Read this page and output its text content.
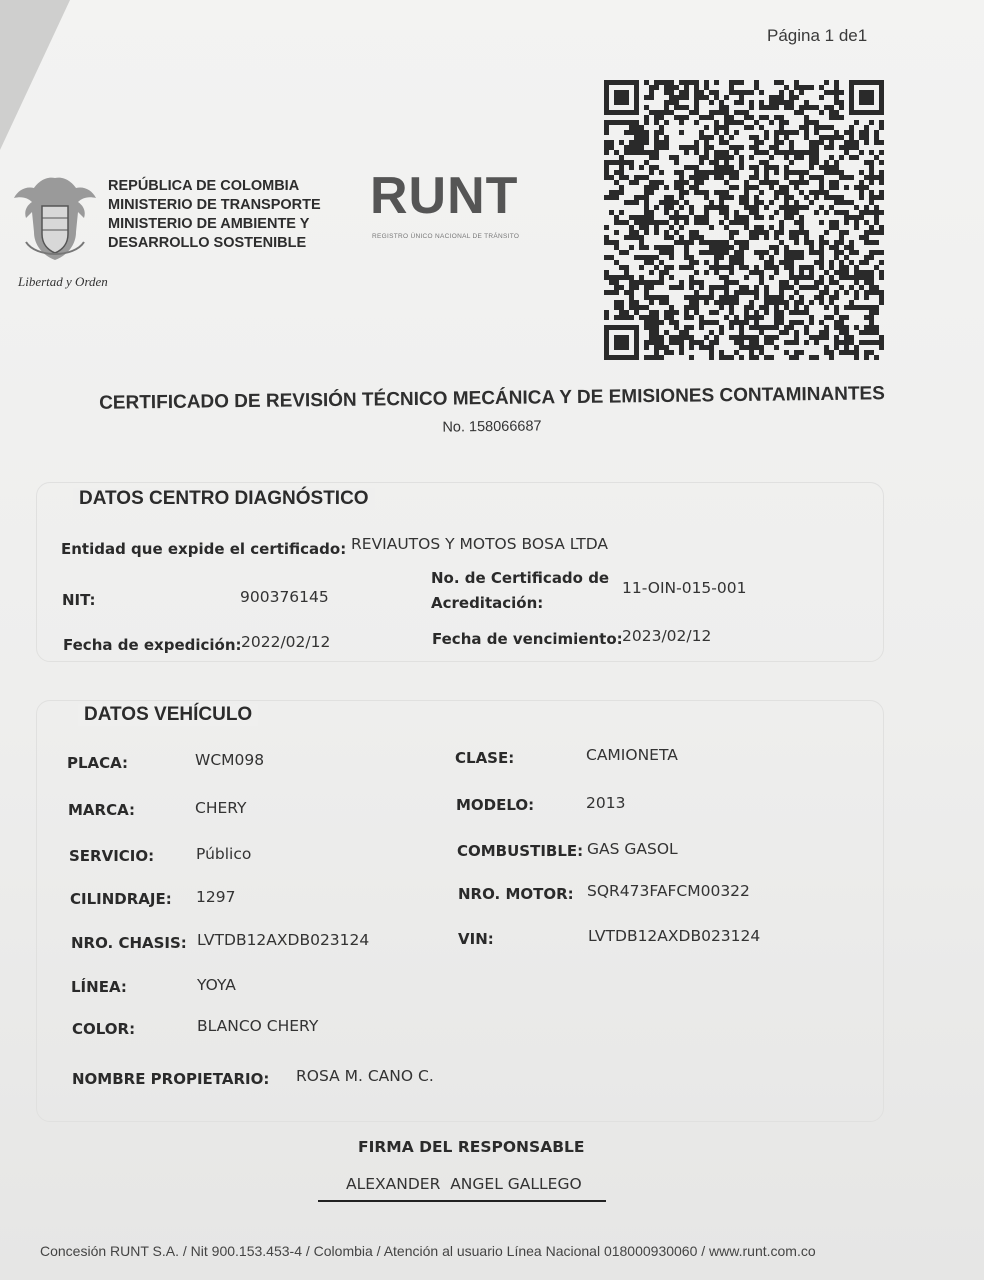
Página 1 de1
Libertad y Orden
REPÚBLICA DE COLOMBIA
MINISTERIO DE TRANSPORTE
MINISTERIO DE AMBIENTE Y
DESARROLLO SOSTENIBLE
RUNT
REGISTRO ÚNICO NACIONAL DE TRÁNSITO
CERTIFICADO DE REVISIÓN TÉCNICO MECÁNICA Y DE EMISIONES CONTAMINANTES
No. 158066687
DATOS CENTRO DIAGNÓSTICO
Entidad que expide el certificado: REVIAUTOS Y MOTOS BOSA LTDA
NIT:	900376145
No. de Certificado de
Acreditación:
11-OIN-015-001
Fecha de expedición: 2022/02/12	Fecha de vencimiento: 2023/02/12
DATOS VEHÍCULO
PLACA:	WCM098	CLASE:	CAMIONETA
MARCA:	CHERY	MODELO:	2013
SERVICIO:	Público	COMBUSTIBLE: GAS GASOL
CILINDRAJE: 1297	NRO. MOTOR: SQR473FAFCM00322
NRO. CHASIS: LVTDB12AXDB023124	VIN:	LVTDB12AXDB023124
LÍNEA:	YOYA
COLOR:	BLANCO CHERY
NOMBRE PROPIETARIO: ROSA M. CANO C.
FIRMA DEL RESPONSABLE
ALEXANDER  ANGEL GALLEGO
Concesión RUNT S.A. / Nit 900.153.453-4 / Colombia / Atención al usuario Línea Nacional 018000930060 / www.runt.com.co
